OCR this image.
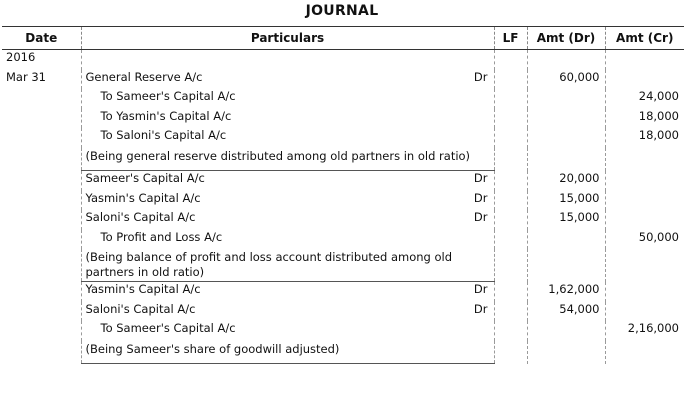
JOURNAL
Date	Particulars	LF	Amt (Dr)	Amt (Cr)
2016				
Mar 31	General Reserve A/c Dr		60,000	
	To Sameer's Capital A/c			24,000
	To Yasmin's Capital A/c			18,000
	To Saloni's Capital A/c			18,000
	(Being general reserve distributed among old partners in old ratio)			
	Sameer's Capital A/c Dr		20,000	
	Yasmin's Capital A/c Dr		15,000	
	Saloni's Capital A/c Dr		15,000	
	To Profit and Loss A/c			50,000
	(Being balance of profit and loss account distributed among old partners in old ratio)			
	Yasmin's Capital A/c Dr		1,62,000	
	Saloni's Capital A/c Dr		54,000	
	To Sameer's Capital A/c			2,16,000
	(Being Sameer's share of goodwill adjusted)			
